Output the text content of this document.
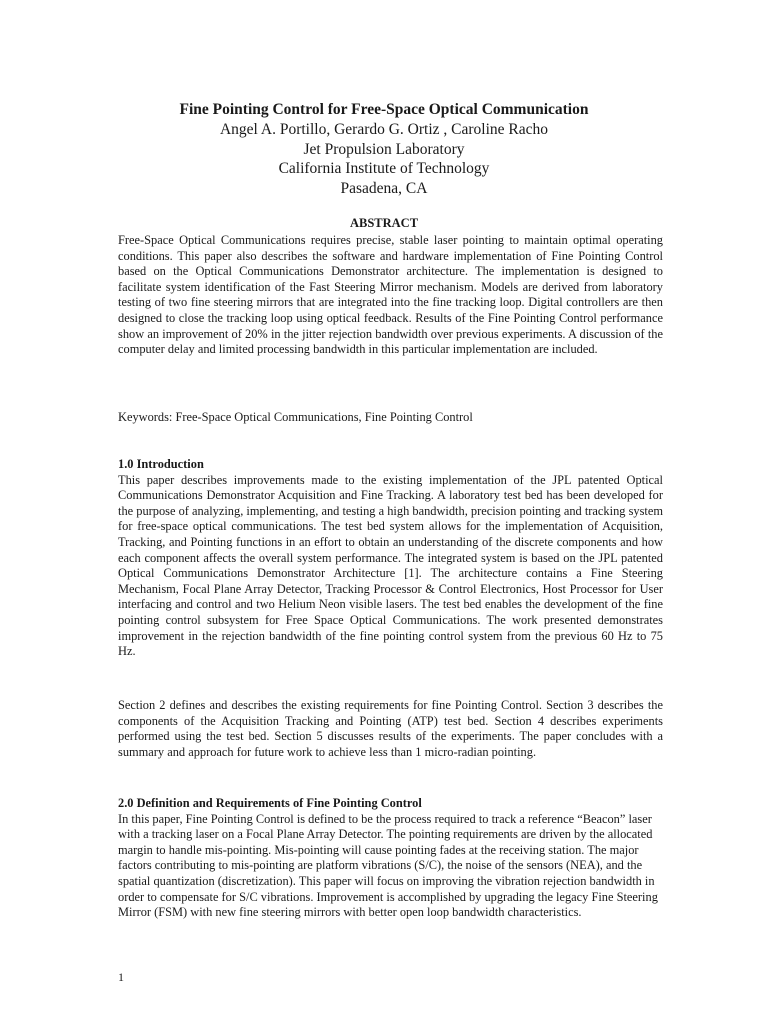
Fine Pointing Control for Free-Space Optical Communication

Angel A. Portillo, Gerardo G. Ortiz , Caroline Racho

Jet Propulsion Laboratory

California Institute of Technology

Pasadena, CA

ABSTRACT

Free-Space Optical Communications requires precise, stable laser pointing to maintain optimal operating conditions. This paper also describes the software and hardware implementation of Fine Pointing Control based on the Optical Communications Demonstrator architecture. The implementation is designed to facilitate system identification of the Fast Steering Mirror mechanism. Models are derived from laboratory testing of two fine steering mirrors that are integrated into the fine tracking loop. Digital controllers are then designed to close the tracking loop using optical feedback. Results of the Fine Pointing Control performance show an improvement of 20% in the jitter rejection bandwidth over previous experiments. A discussion of the computer delay and limited processing bandwidth in this particular implementation are included.

Keywords: Free-Space Optical Communications, Fine Pointing Control

1.0 Introduction

This paper describes improvements made to the existing implementation of the JPL patented Optical Communications Demonstrator Acquisition and Fine Tracking. A laboratory test bed has been developed for the purpose of analyzing, implementing, and testing a high bandwidth, precision pointing and tracking system for free-space optical communications. The test bed system allows for the implementation of Acquisition, Tracking, and Pointing functions in an effort to obtain an understanding of the discrete components and how each component affects the overall system performance. The integrated system is based on the JPL patented Optical Communications Demonstrator Architecture [1]. The architecture contains a Fine Steering Mechanism, Focal Plane Array Detector, Tracking Processor & Control Electronics, Host Processor for User interfacing and control and two Helium Neon visible lasers. The test bed enables the development of the fine pointing control subsystem for Free Space Optical Communications. The work presented demonstrates improvement in the rejection bandwidth of the fine pointing control system from the previous 60 Hz to 75 Hz.

Section 2 defines and describes the existing requirements for fine Pointing Control. Section 3 describes the components of the Acquisition Tracking and Pointing (ATP) test bed. Section 4 describes experiments performed using the test bed. Section 5 discusses results of the experiments. The paper concludes with a summary and approach for future work to achieve less than 1 micro-radian pointing.

2.0 Definition and Requirements of Fine Pointing Control

In this paper, Fine Pointing Control is defined to be the process required to track a reference “Beacon” laser with a tracking laser on a Focal Plane Array Detector. The pointing requirements are driven by the allocated margin to handle mis-pointing. Mis-pointing will cause pointing fades at the receiving station. The major factors contributing to mis-pointing are platform vibrations (S/C), the noise of the sensors (NEA), and the spatial quantization (discretization). This paper will focus on improving the vibration rejection bandwidth in order to compensate for S/C vibrations. Improvement is accomplished by upgrading the legacy Fine Steering Mirror (FSM) with new fine steering mirrors with better open loop bandwidth characteristics.

1
